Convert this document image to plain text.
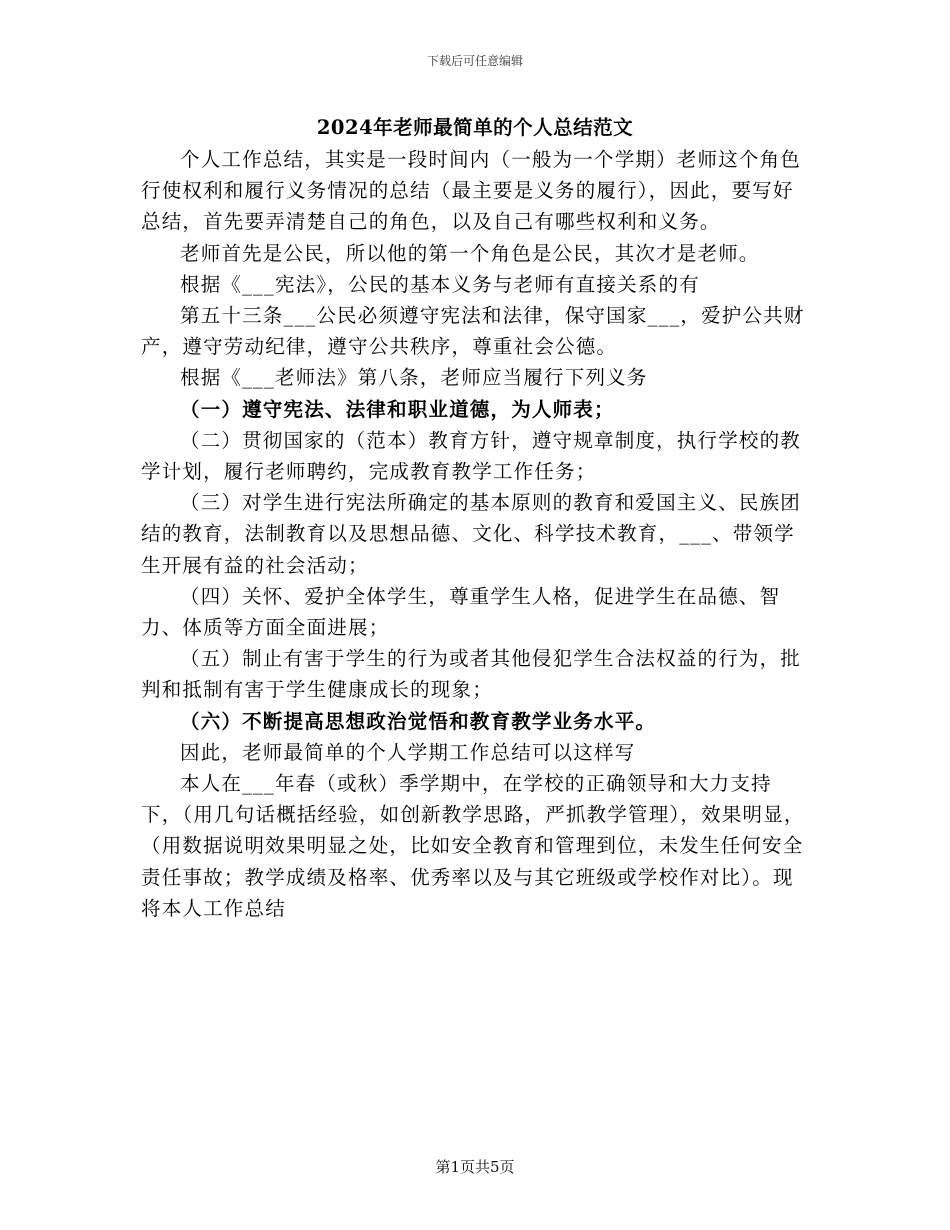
下载后可任意编辑
2024年老师最简单的个人总结范文

个人工作总结，其实是一段时间内（一般为一个学期）老师这个角色行使权利和履行义务情况的总结（最主要是义务的履行），因此，要写好总结，首先要弄清楚自己的角色，以及自己有哪些权利和义务。

老师首先是公民，所以他的第一个角色是公民，其次才是老师。

根据《___宪法》，公民的基本义务与老师有直接关系的有

第五十三条___公民必须遵守宪法和法律，保守国家___，爱护公共财产，遵守劳动纪律，遵守公共秩序，尊重社会公德。

根据《___老师法》第八条，老师应当履行下列义务

（一）遵守宪法、法律和职业道德，为人师表；

（二）贯彻国家的（范本）教育方针，遵守规章制度，执行学校的教学计划，履行老师聘约，完成教育教学工作任务；

（三）对学生进行宪法所确定的基本原则的教育和爱国主义、民族团结的教育，法制教育以及思想品德、文化、科学技术教育，___、带领学生开展有益的社会活动；

（四）关怀、爱护全体学生，尊重学生人格，促进学生在品德、智力、体质等方面全面进展；

（五）制止有害于学生的行为或者其他侵犯学生合法权益的行为，批判和抵制有害于学生健康成长的现象；

（六）不断提高思想政治觉悟和教育教学业务水平。

因此，老师最简单的个人学期工作总结可以这样写

本人在___年春（或秋）季学期中，在学校的正确领导和大力支持下，（用几句话概括经验，如创新教学思路，严抓教学管理），效果明显，（用数据说明效果明显之处，比如安全教育和管理到位，未发生任何安全责任事故；教学成绩及格率、优秀率以及与其它班级或学校作对比）。现将本人工作总结

第1页共5页
